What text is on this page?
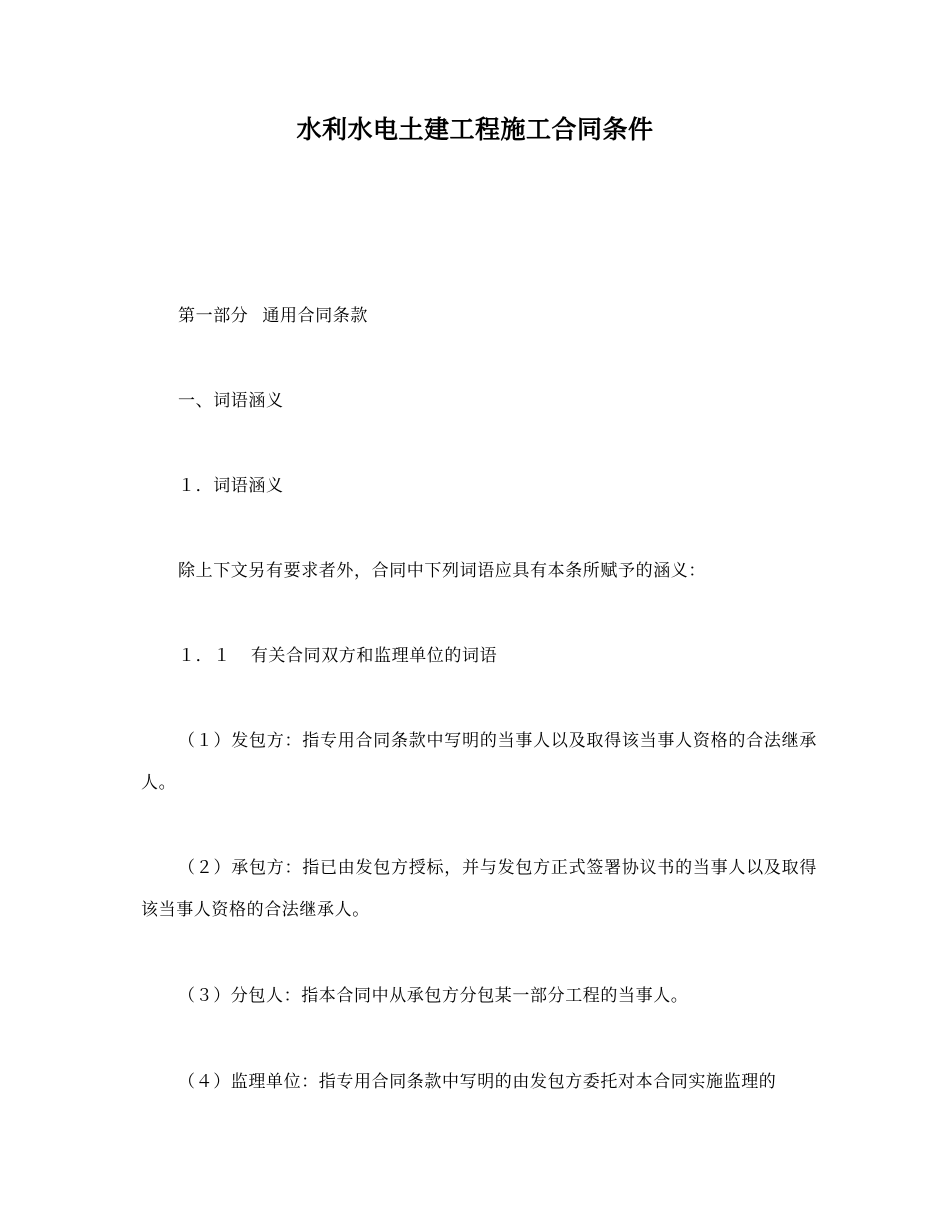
水利水电土建工程施工合同条件
第一部分 通用合同条款
一、词语涵义
１．词语涵义
除上下文另有要求者外，合同中下列词语应具有本条所赋予的涵义：
１．１ 有关合同双方和监理单位的词语
（１）发包方：指专用合同条款中写明的当事人以及取得该当事人资格的合法继承人。
（２）承包方：指已由发包方授标，并与发包方正式签署协议书的当事人以及取得该当事人资格的合法继承人。
（３）分包人：指本合同中从承包方分包某一部分工程的当事人。
（４）监理单位：指专用合同条款中写明的由发包方委托对本合同实施监理的
